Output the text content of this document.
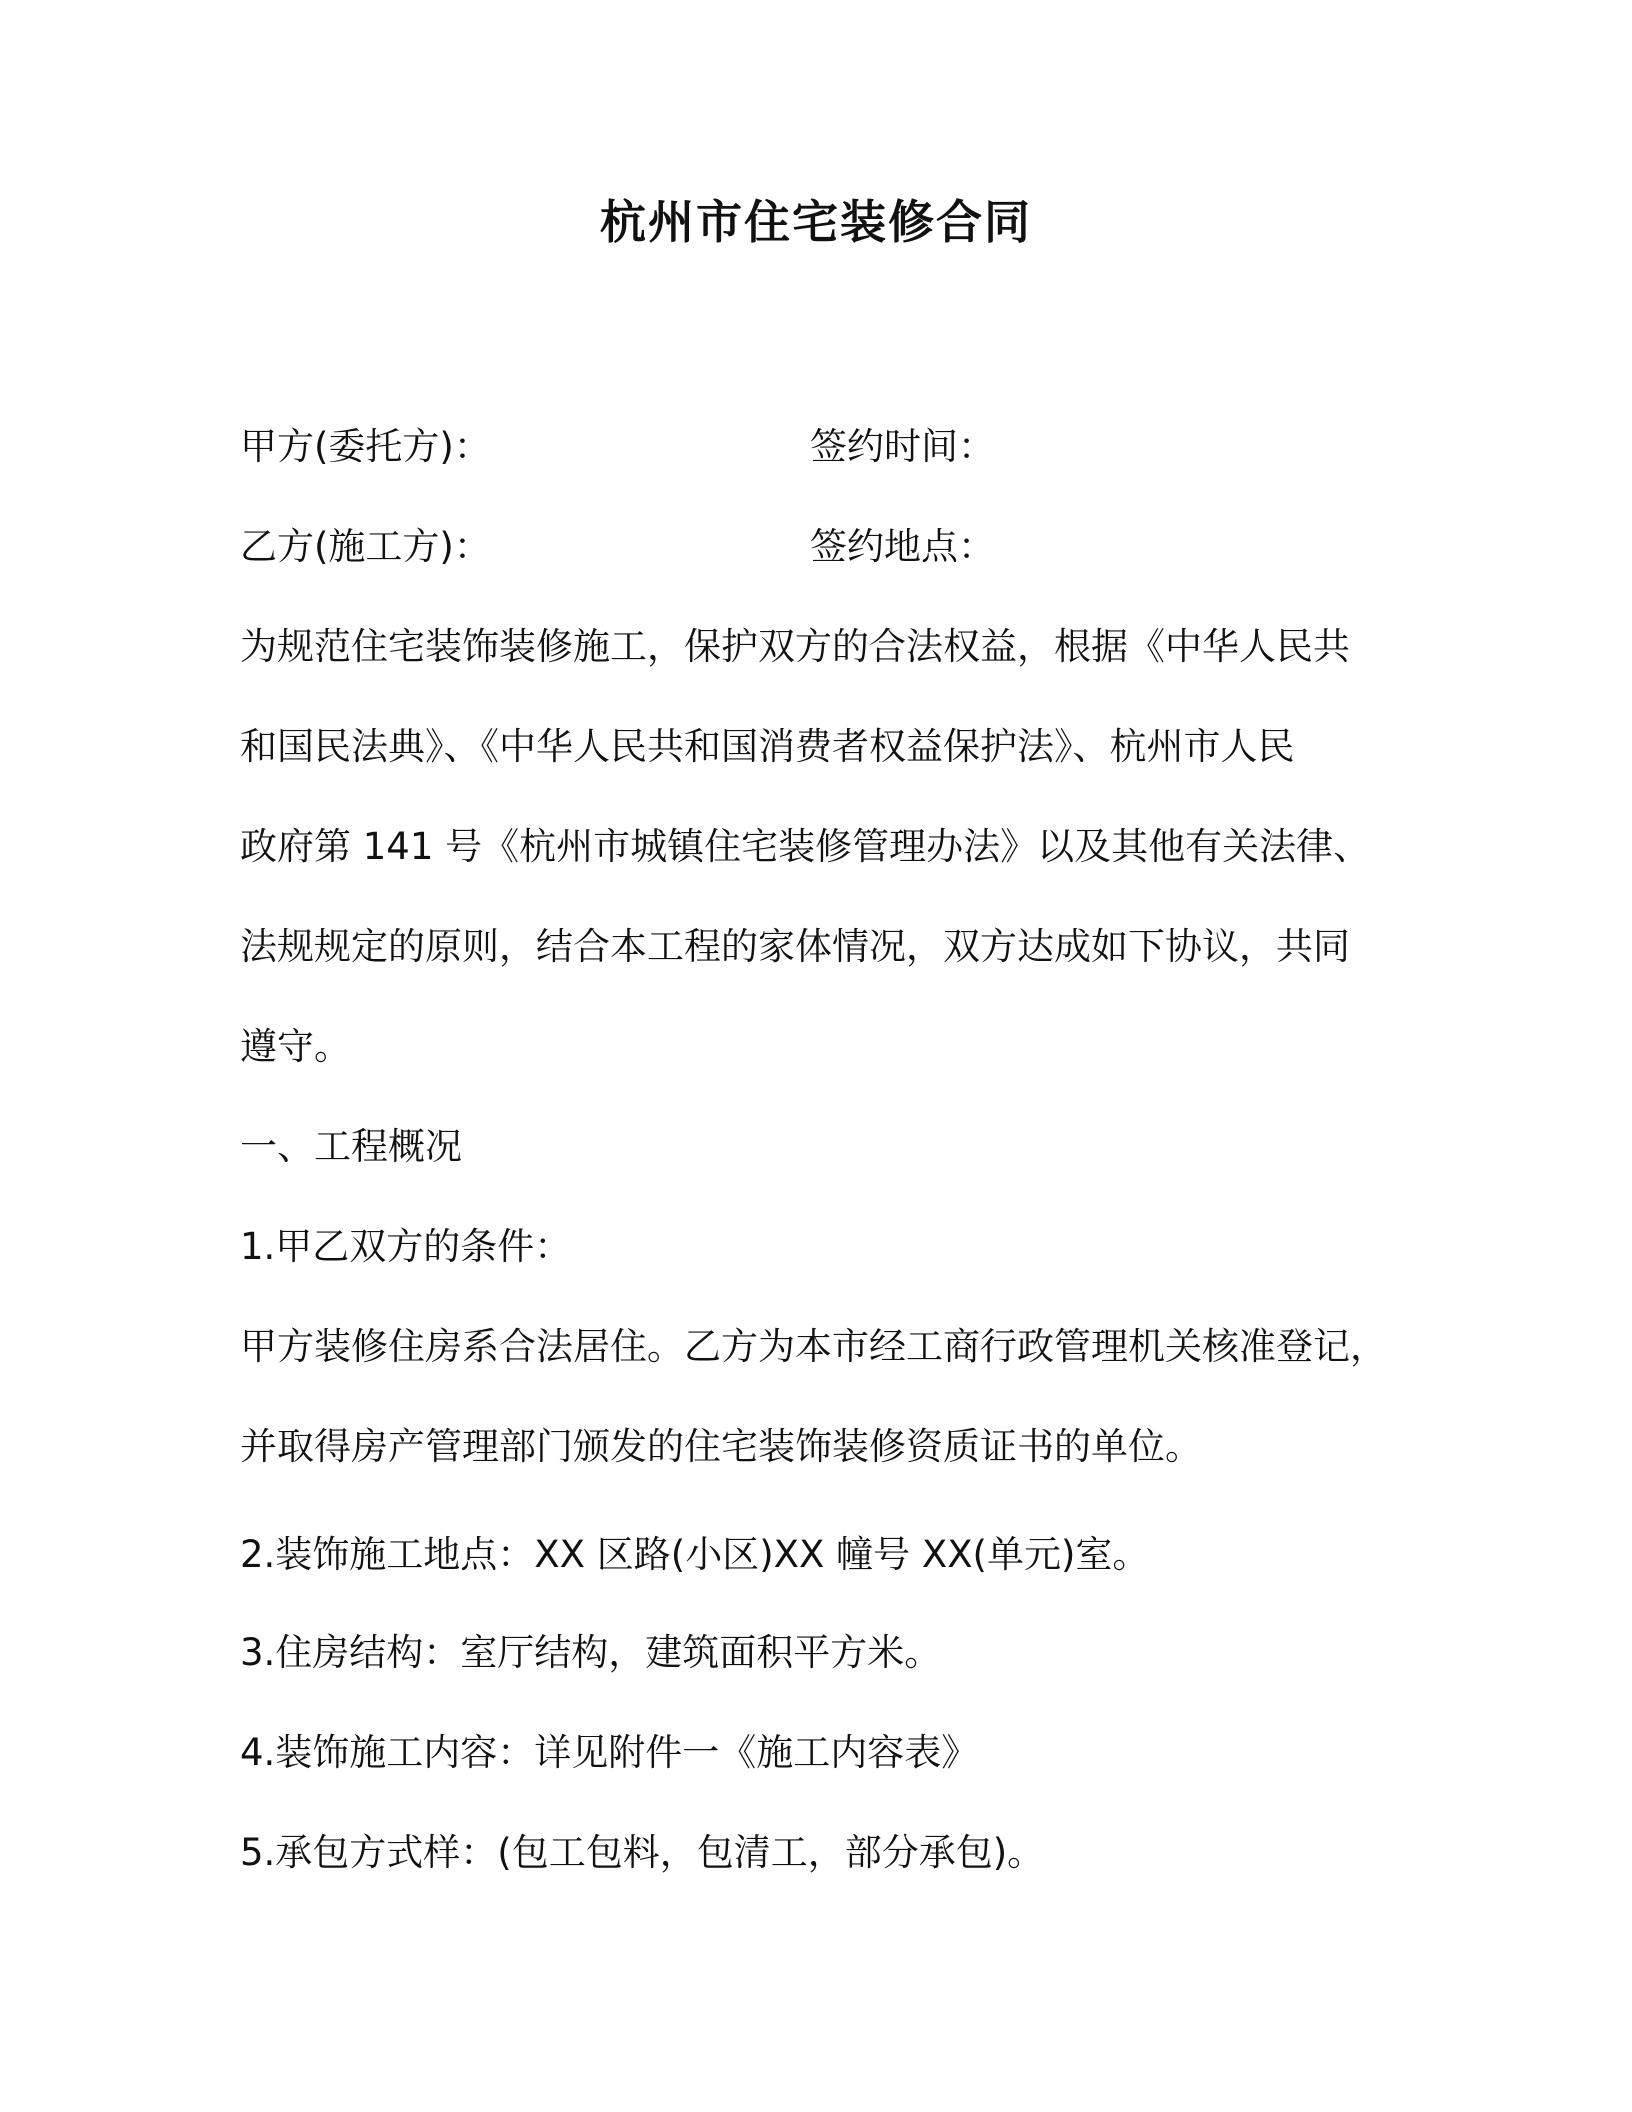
杭州市住宅装修合同
甲方(委托方)：	签约时间：
乙方(施工方)：	签约地点：
为规范住宅装饰装修施工，保护双方的合法权益，根据《中华人民共
和国民法典》、《中华人民共和国消费者权益保护法》、杭州市人民
政府第 141 号《杭州市城镇住宅装修管理办法》以及其他有关法律、
法规规定的原则，结合本工程的家体情况，双方达成如下协议，共同
遵守。
一、工程概况
1.甲乙双方的条件：
甲方装修住房系合法居住。乙方为本市经工商行政管理机关核准登记，
并取得房产管理部门颁发的住宅装饰装修资质证书的单位。
2.装饰施工地点：XX 区路(小区)XX 幢号 XX(单元)室。
3.住房结构：室厅结构，建筑面积平方米。
4.装饰施工内容：详见附件一《施工内容表》
5.承包方式样：(包工包料，包清工，部分承包)。
